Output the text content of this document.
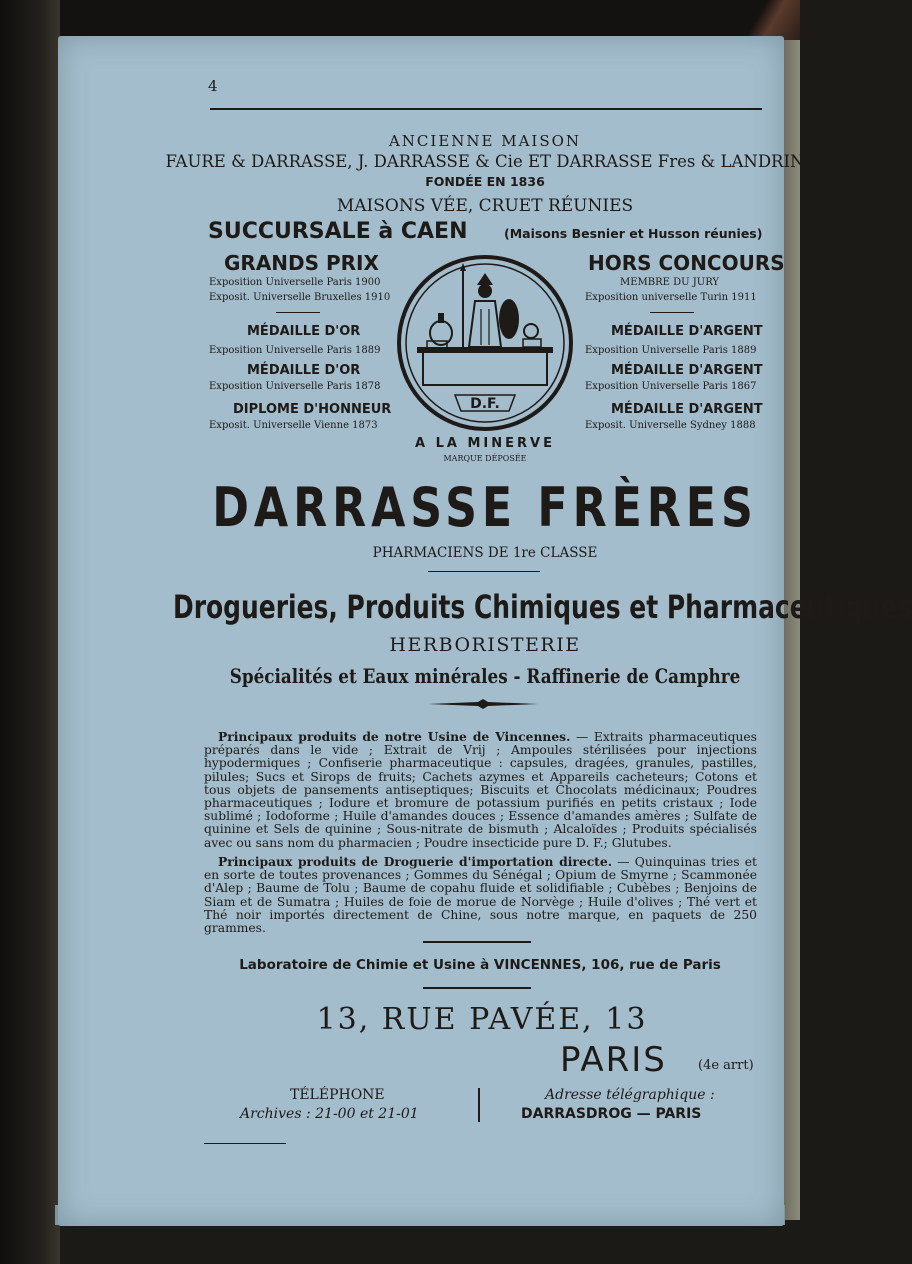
4
ANCIENNE MAISON
FAURE & DARRASSE, J. DARRASSE & Cie ET DARRASSE Fres & LANDRIN
FONDÉE EN 1836
MAISONS VÉE, CRUET RÉUNIES
SUCCURSALE à CAEN	(Maisons Besnier et Husson réunies)
GRANDS PRIX
Exposition Universelle Paris 1900
Exposit. Universelle Bruxelles 1910
MÉDAILLE D'OR
Exposition Universelle Paris 1889
MÉDAILLE D'OR
Exposition Universelle Paris 1878
DIPLOME D'HONNEUR
Exposit. Universelle Vienne 1873
HORS CONCOURS
MEMBRE DU JURY
Exposition universelle Turin 1911
MÉDAILLE D'ARGENT
Exposition Universelle Paris 1889
MÉDAILLE D'ARGENT
Exposition Universelle Paris 1867
MÉDAILLE D'ARGENT
Exposit. Universelle Sydney 1888
D.F.
A LA MINERVE
MARQUE DÉPOSÉE
DARRASSE FRÈRES
PHARMACIENS DE 1re CLASSE
Drogueries, Produits Chimiques et Pharmaceutiques
HERBORISTERIE
Spécialités et Eaux minérales - Raffinerie de Camphre
Principaux produits de notre Usine de Vincennes. — Extraits pharmaceutiques préparés dans le vide ; Extrait de Vrij ; Ampoules stérilisées pour injections hypodermiques ; Confiserie pharmaceutique : capsules, dragées, granules, pastilles, pilules; Sucs et Sirops de fruits; Cachets azymes et Appareils cacheteurs; Cotons et tous objets de pansements antiseptiques; Biscuits et Chocolats médicinaux; Poudres pharmaceutiques ; Iodure et bromure de potassium purifiés en petits cristaux ; Iode sublimé ; Iodoforme ; Huile d'amandes douces ; Essence d'amandes amères ; Sulfate de quinine et Sels de quinine ; Sous-nitrate de bismuth ; Alcaloïdes ; Produits spécialisés avec ou sans nom du pharmacien ; Poudre insecticide pure D. F.; Glutubes.
Principaux produits de Droguerie d'importation directe. — Quinquinas tries et en sorte de toutes provenances ; Gommes du Sénégal ; Opium de Smyrne ; Scammonée d'Alep ; Baume de Tolu ; Baume de copahu fluide et solidifiable ; Cubèbes ; Benjoins de Siam et de Sumatra ; Huiles de foie de morue de Norvège ; Huile d'olives ; Thé vert et Thé noir importés directement de Chine, sous notre marque, en paquets de 250 grammes.
Laboratoire de Chimie et Usine à VINCENNES, 106, rue de Paris
13, RUE PAVÉE, 13
PARIS (4e arrt)
TÉLÉPHONE
Archives : 21-00 et 21-01
Adresse télégraphique :
DARRASDROG — PARIS
